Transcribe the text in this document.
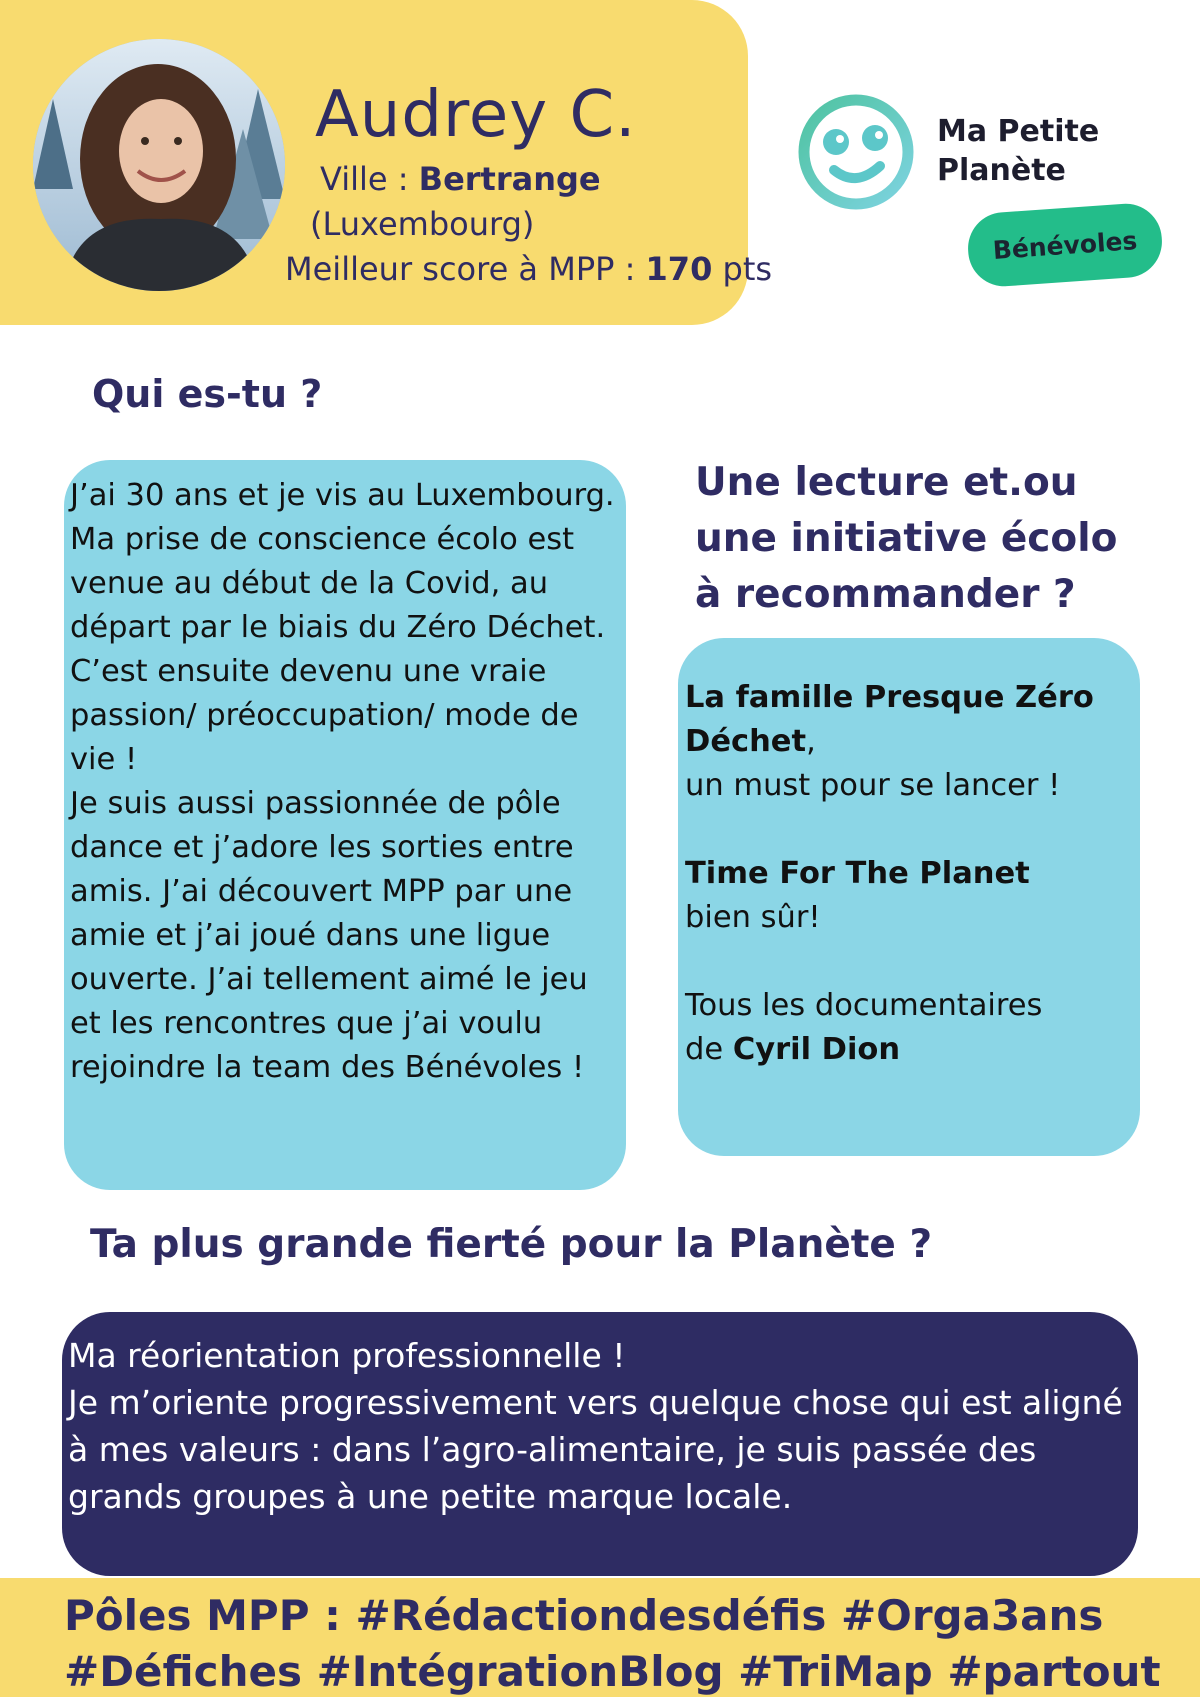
Audrey C.
Ville : Bertrange
(Luxembourg)
Meilleur score à MPP : 170 pts
Ma Petite
Planète
Bénévoles
Qui es-tu ?

J’ai 30 ans et je vis au Luxembourg. Ma prise de conscience écolo est venue au début de la Covid, au départ par le biais du Zéro Déchet.

C’est ensuite devenu une vraie passion/ préoccupation/ mode de vie !

Je suis aussi passionnée de pôle dance et j’adore les sorties entre amis. J’ai découvert MPP par une amie et j’ai joué dans une ligue ouverte. J’ai tellement aimé le jeu et les rencontres que j’ai voulu rejoindre la team des Bénévoles !

Une lecture et.ou
une initiative écolo
à recommander ?

La famille Presque Zéro Déchet,

un must pour se lancer !

Time For The Planet

bien sûr!

Tous les documentaires

de Cyril Dion

Ta plus grande fierté pour la Planète ?

Ma réorientation professionnelle !

Je m’oriente progressivement vers quelque chose qui est aligné à mes valeurs : dans l’agro-alimentaire, je suis passée des grands groupes à une petite marque locale.

Pôles MPP : #Rédactiondesdéfis #Orga3ans

#Défiches #IntégrationBlog #TriMap #partout
